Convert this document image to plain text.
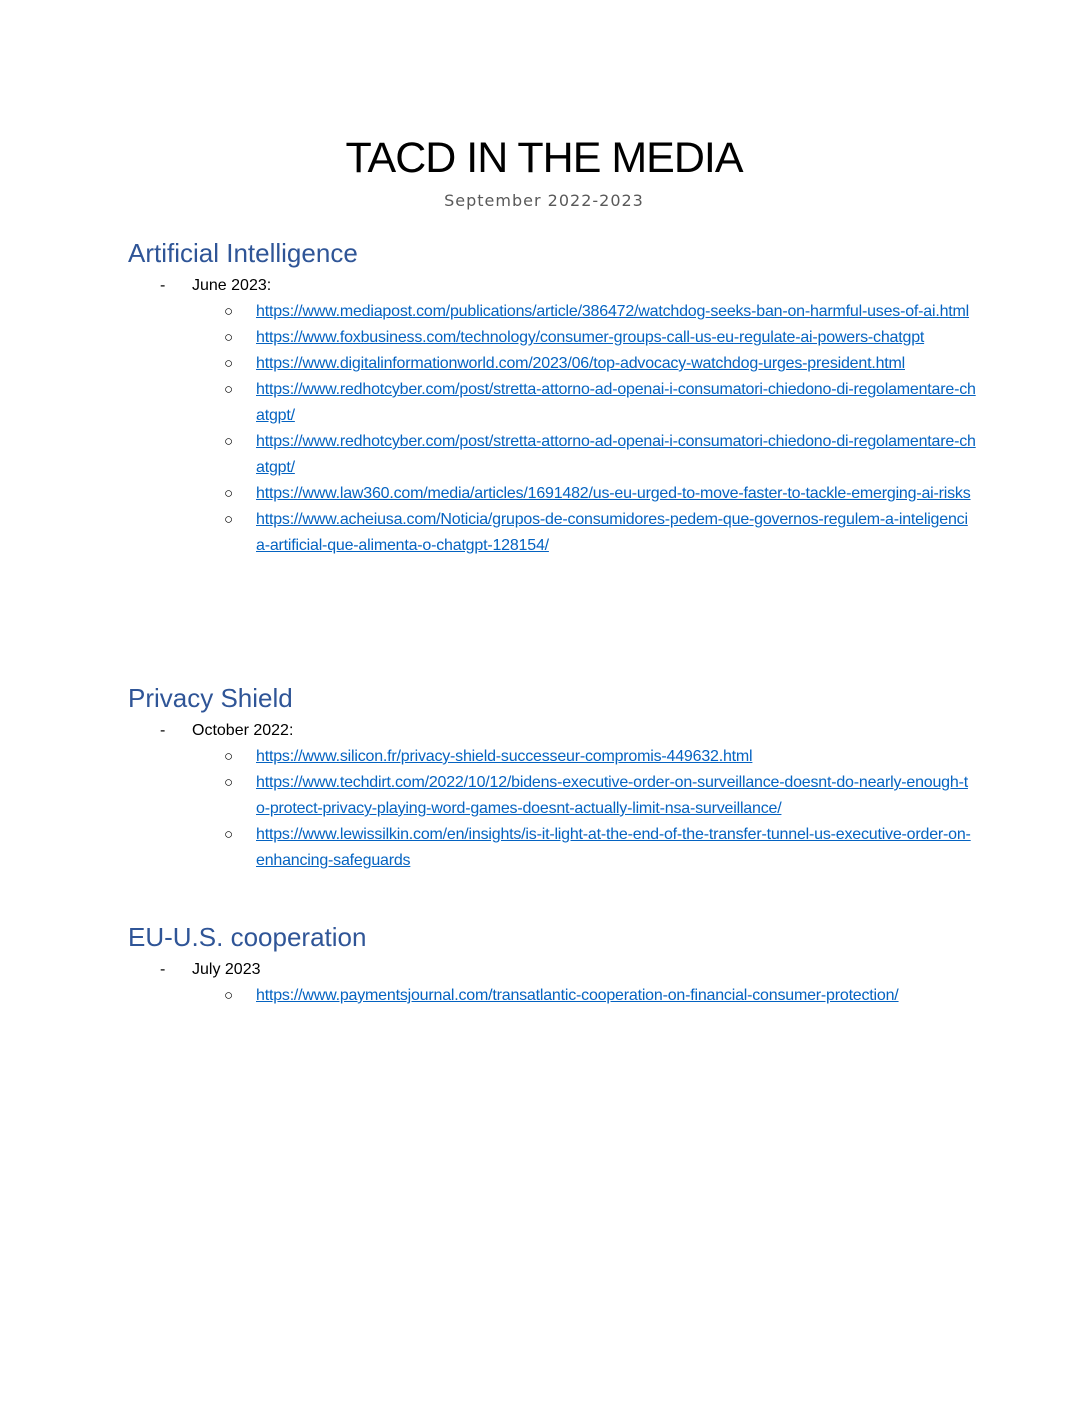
TACD IN THE MEDIA
September 2022-2023
Artificial Intelligence
- June 2023:
○ https://www.mediapost.com/publications/article/386472/watchdog-seeks-ban-on-harmful-uses-of-ai.html
○ https://www.foxbusiness.com/technology/consumer-groups-call-us-eu-regulate-ai-powers-chatgpt
○ https://www.digitalinformationworld.com/2023/06/top-advocacy-watchdog-urges-president.html
○ https://www.redhotcyber.com/post/stretta-attorno-ad-openai-i-consumatori-chiedono-di-regolamentare-chatgpt/
○ https://www.redhotcyber.com/post/stretta-attorno-ad-openai-i-consumatori-chiedono-di-regolamentare-chatgpt/
○ https://www.law360.com/media/articles/1691482/us-eu-urged-to-move-faster-to-tackle-emerging-ai-risks
○ https://www.acheiusa.com/Noticia/grupos-de-consumidores-pedem-que-governos-regulem-a-inteligencia-artificial-que-alimenta-o-chatgpt-128154/
Privacy Shield
- October 2022:
○ https://www.silicon.fr/privacy-shield-successeur-compromis-449632.html
○ https://www.techdirt.com/2022/10/12/bidens-executive-order-on-surveillance-doesnt-do-nearly-enough-to-protect-privacy-playing-word-games-doesnt-actually-limit-nsa-surveillance/
○ https://www.lewissilkin.com/en/insights/is-it-light-at-the-end-of-the-transfer-tunnel-us-executive-order-on-enhancing-safeguards
EU-U.S. cooperation
- July 2023
○ https://www.paymentsjournal.com/transatlantic-cooperation-on-financial-consumer-protection/
